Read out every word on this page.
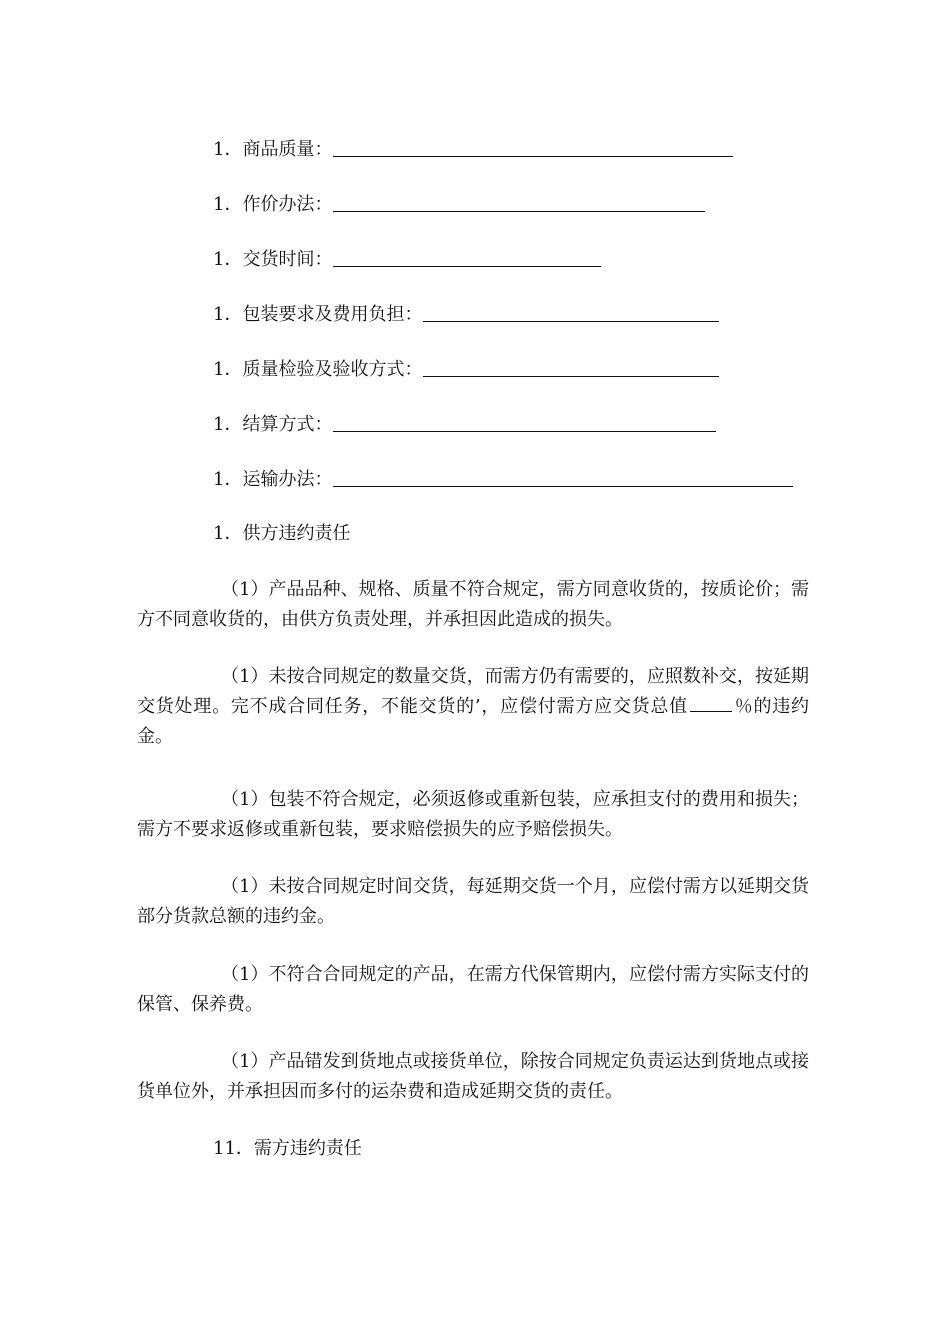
1． 商品质量：
1． 作价办法：
1． 交货时间：
1． 包装要求及费用负担：
1． 质量检验及验收方式：
1． 结算方式：
1． 运输办法：
1．供方违约责任
（1）产品品种、规格、质量不符合规定，需方同意收货的，按质论价；需方不同意收货的，由供方负责处理，并承担因此造成的损失。
（1）未按合同规定的数量交货，而需方仍有需要的，应照数补交，按延期交货处理。完不成合同任务，不能交货的’，应偿付需方应交货总值	％的违约金。
（1）包装不符合规定，必须返修或重新包装，应承担支付的费用和损失；需方不要求返修或重新包装，要求赔偿损失的应予赔偿损失。
（1）未按合同规定时间交货，每延期交货一个月，应偿付需方以延期交货部分货款总额的违约金。
（1）不符合合同规定的产品，在需方代保管期内，应偿付需方实际支付的保管、保养费。
（1）产品错发到货地点或接货单位，除按合同规定负责运达到货地点或接货单位外，并承担因而多付的运杂费和造成延期交货的责任。
11．需方违约责任
